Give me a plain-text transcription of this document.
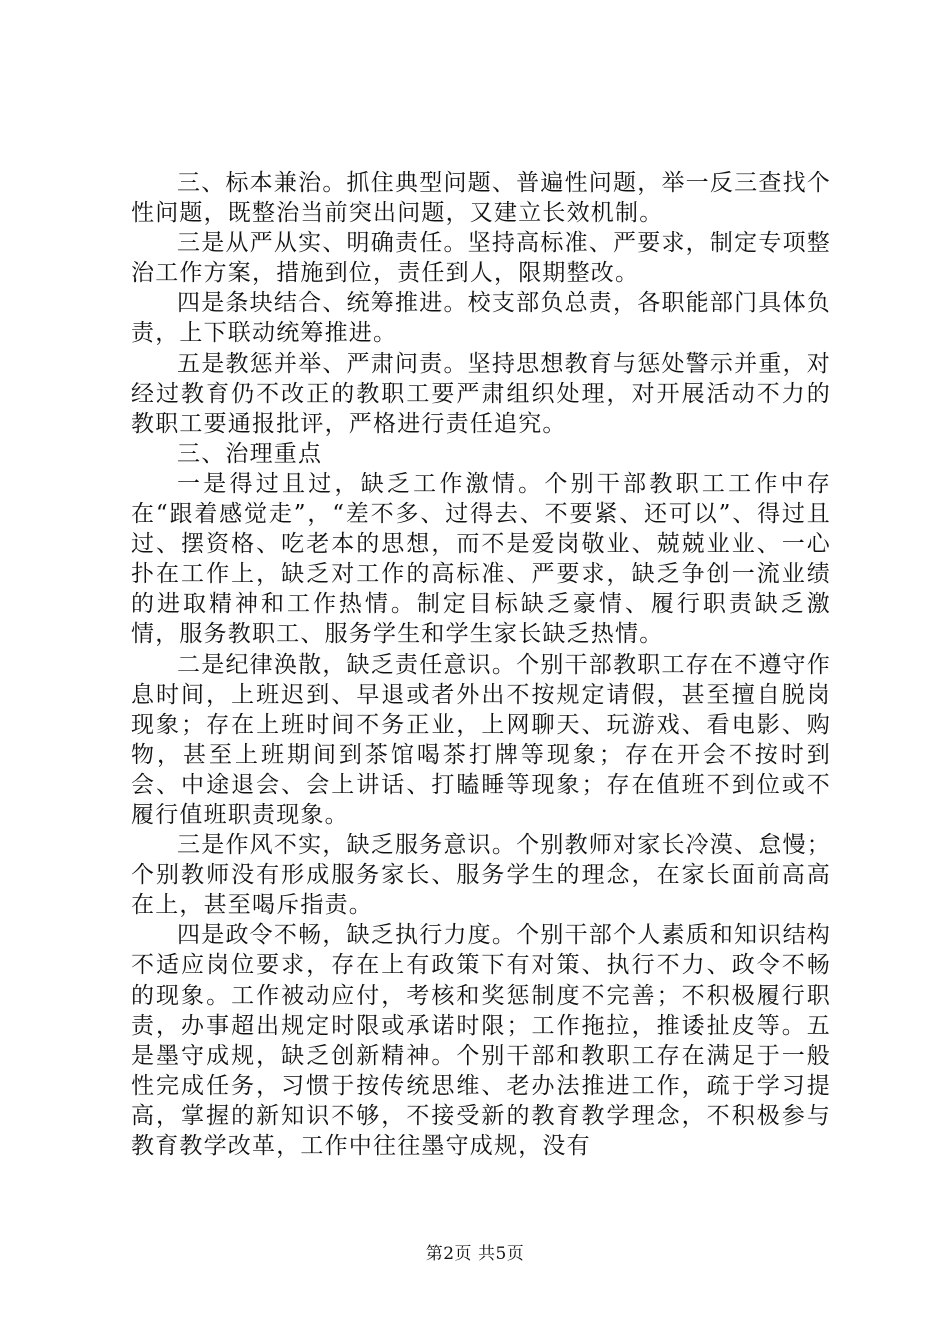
三、标本兼治。抓住典型问题、普遍性问题，举一反三查找个性问题，既整治当前突出问题，又建立长效机制。

三是从严从实、明确责任。坚持高标准、严要求，制定专项整治工作方案，措施到位，责任到人，限期整改。

四是条块结合、统筹推进。校支部负总责，各职能部门具体负责，上下联动统筹推进。

五是教惩并举、严肃问责。坚持思想教育与惩处警示并重，对经过教育仍不改正的教职工要严肃组织处理，对开展活动不力的教职工要通报批评，严格进行责任追究。

三、治理重点

一是得过且过，缺乏工作激情。个别干部教职工工作中存在“跟着感觉走”，“差不多、过得去、不要紧、还可以”、得过且过、摆资格、吃老本的思想，而不是爱岗敬业、兢兢业业、一心扑在工作上，缺乏对工作的高标准、严要求，缺乏争创一流业绩的进取精神和工作热情。制定目标缺乏豪情、履行职责缺乏激情，服务教职工、服务学生和学生家长缺乏热情。

二是纪律涣散，缺乏责任意识。个别干部教职工存在不遵守作息时间，上班迟到、早退或者外出不按规定请假，甚至擅自脱岗现象；存在上班时间不务正业，上网聊天、玩游戏、看电影、购物，甚至上班期间到茶馆喝茶打牌等现象；存在开会不按时到会、中途退会、会上讲话、打瞌睡等现象；存在值班不到位或不履行值班职责现象。

三是作风不实，缺乏服务意识。个别教师对家长冷漠、怠慢；个别教师没有形成服务家长、服务学生的理念，在家长面前高高在上，甚至喝斥指责。

四是政令不畅，缺乏执行力度。个别干部个人素质和知识结构不适应岗位要求，存在上有政策下有对策、执行不力、政令不畅的现象。工作被动应付，考核和奖惩制度不完善；不积极履行职责，办事超出规定时限或承诺时限；工作拖拉，推诿扯皮等。五是墨守成规，缺乏创新精神。个别干部和教职工存在满足于一般性完成任务，习惯于按传统思维、老办法推进工作，疏于学习提高，掌握的新知识不够，不接受新的教育教学理念，不积极参与教育教学改革，工作中往往墨守成规，没有

第2页 共5页
